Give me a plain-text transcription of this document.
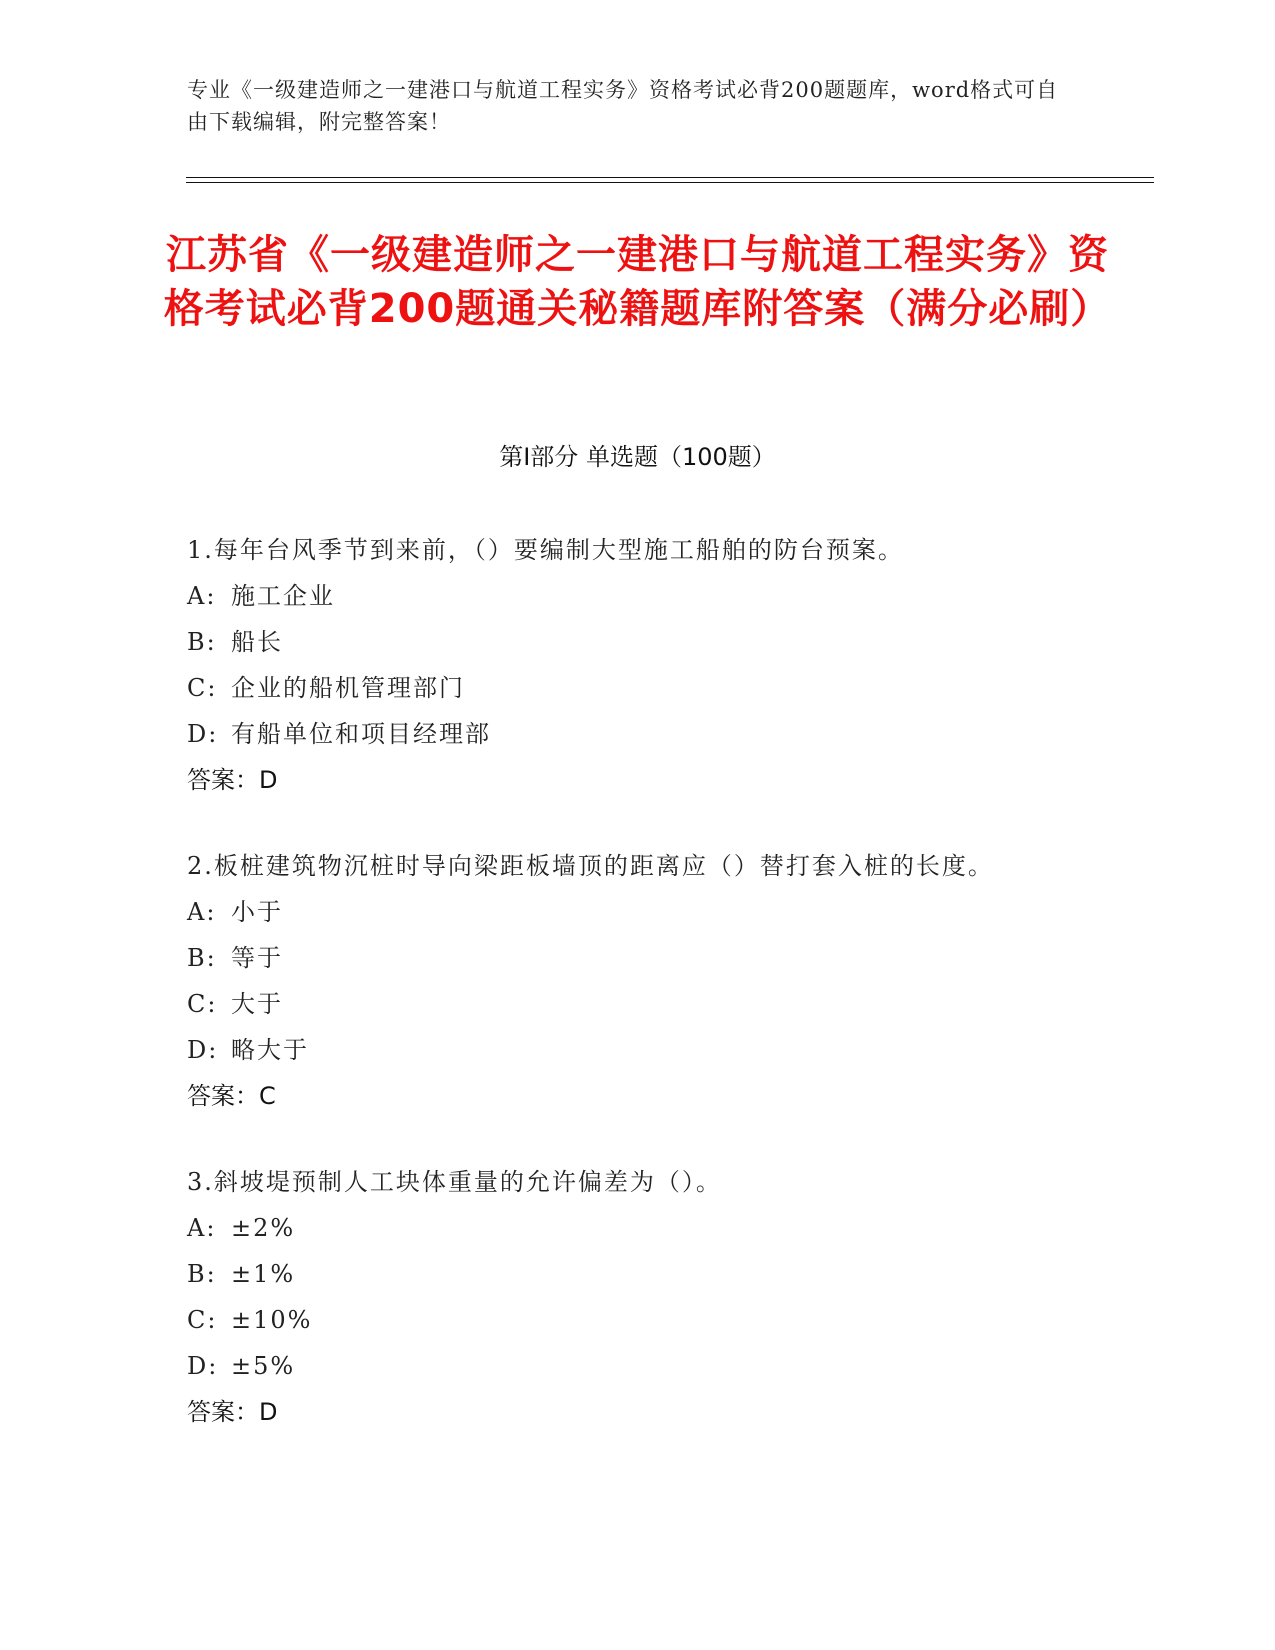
专业《一级建造师之一建港口与航道工程实务》资格考试必背200题题库，word格式可自由下载编辑，附完整答案！
江苏省《一级建造师之一建港口与航道工程实务》资格考试必背200题通关秘籍题库附答案（满分必刷）
第I部分 单选题（100题）
1.每年台风季节到来前，（）要编制大型施工船舶的防台预案。
A: 施工企业
B: 船长
C: 企业的船机管理部门
D: 有船单位和项目经理部
答案：D
2.板桩建筑物沉桩时导向梁距板墙顶的距离应（）替打套入桩的长度。
A: 小于
B: 等于
C: 大于
D: 略大于
答案：C
3.斜坡堤预制人工块体重量的允许偏差为（）。
A: ±2%
B: ±1%
C: ±10%
D: ±5%
答案：D
